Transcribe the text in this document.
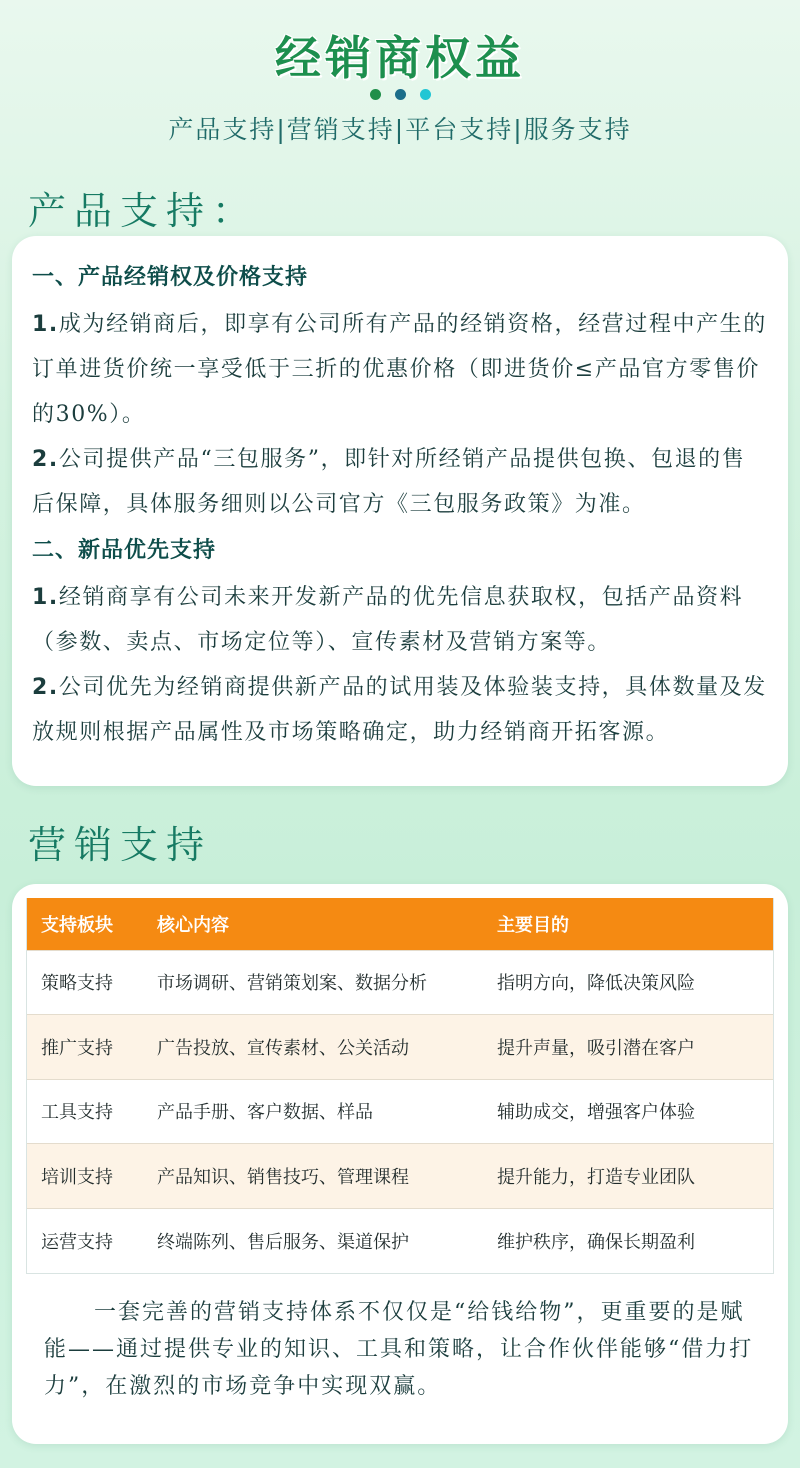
经销商权益
产品支持|营销支持|平台支持|服务支持
产品支持：
一、产品经销权及价格支持
1.成为经销商后，即享有公司所有产品的经销资格，经营过程中产生的订单进货价统一享受低于三折的优惠价格（即进货价≤产品官方零售价的30%）。
2.公司提供产品“三包服务”，即针对所经销产品提供包换、包退的售后保障，具体服务细则以公司官方《三包服务政策》为准。
二、新品优先支持
1.经销商享有公司未来开发新产品的优先信息获取权，包括产品资料（参数、卖点、市场定位等）、宣传素材及营销方案等。
2.公司优先为经销商提供新产品的试用装及体验装支持，具体数量及发放规则根据产品属性及市场策略确定，助力经销商开拓客源。
营销支持
支持板块	核心内容	主要目的
策略支持	市场调研、营销策划案、数据分析	指明方向，降低决策风险
推广支持	广告投放、宣传素材、公关活动	提升声量，吸引潜在客户
工具支持	产品手册、客户数据、样品	辅助成交，增强客户体验
培训支持	产品知识、销售技巧、管理课程	提升能力，打造专业团队
运营支持	终端陈列、售后服务、渠道保护	维护秩序，确保长期盈利
一套完善的营销支持体系不仅仅是“给钱给物”，更重要的是赋能——通过提供专业的知识、工具和策略，让合作伙伴能够“借力打力”，在激烈的市场竞争中实现双赢。
